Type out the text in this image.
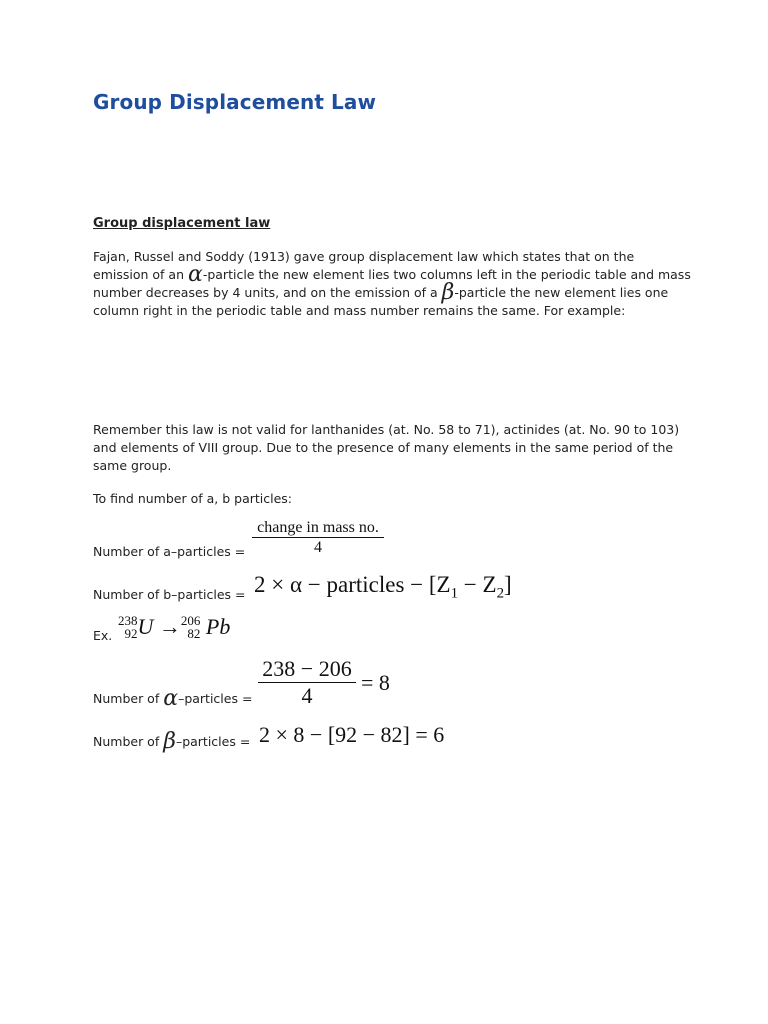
Group Displacement Law
Group displacement law
Fajan, Russel and Soddy (1913) gave group displacement law which states that on the emission of an α-particle the new element lies two columns left in the periodic table and mass number decreases by 4 units, and on the emission of a β-particle the new element lies one column right in the periodic table and mass number remains the same. For example:
Remember this law is not valid for lanthanides (at. No. 58 to 71), actinides (at. No. 90 to 103) and elements of VIII group. Due to the presence of many elements in the same period of the same group.
To find number of a, b particles:
Number of a–particles =
change in mass no.
4
Number of b–particles = 2 × α − particles − $[Z_1 - Z_2]$
Ex.
238
92 U → 206
82 Pb
Number of α–particles =
238 − 206
4
= 8
Number of β–particles = 2 × 8 − [92 − 82] = 6
